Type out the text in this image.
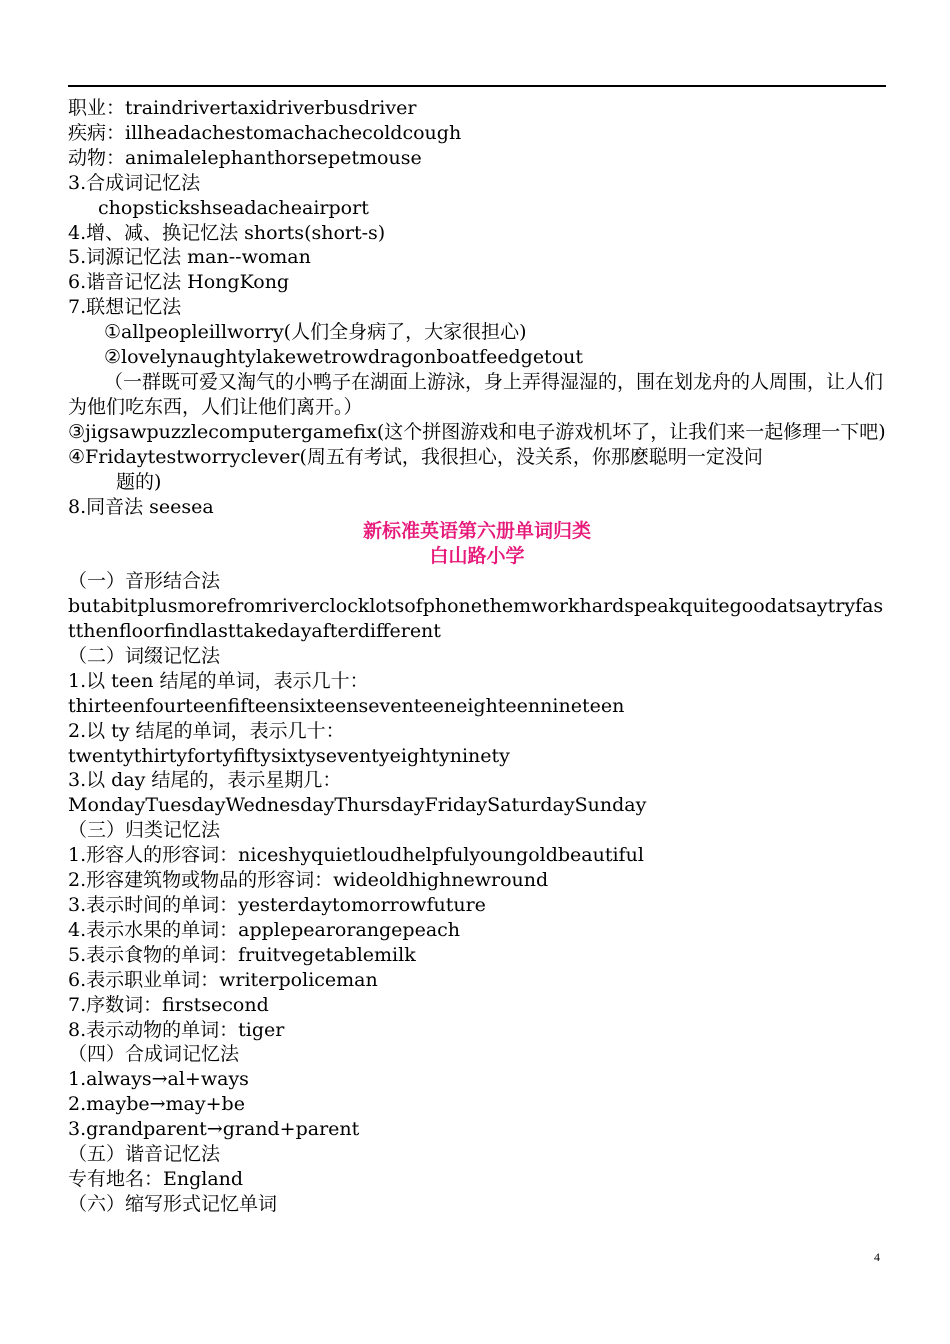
职业：traindrivertaxidriverbusdriver
疾病：illheadachestomachachecoldcough
动物：animalelephanthorsepetmouse
3.合成词记忆法
chopstickshseadacheairport
4.增、减、换记忆法 shorts(short-s)
5.词源记忆法 man--woman
6.谐音记忆法 HongKong
7.联想记忆法
①allpeopleillworry(人们全身病了，大家很担心)
②lovelynaughtylakewetrowdragonboatfeedgetout
（一群既可爱又淘气的小鸭子在湖面上游泳，身上弄得湿湿的，围在划龙舟的人周围，让人们为他们吃东西，人们让他们离开。）
③jigsawpuzzlecomputergamefix(这个拼图游戏和电子游戏机坏了，让我们来一起修理一下吧)
④Fridaytestworryclever(周五有考试，我很担心，没关系，你那麽聪明一定没问
题的)
8.同音法 seesea
新标准英语第六册单词归类
白山路小学
（一）音形结合法
butabitplusmorefromriverclocklotsofphonethemworkhardspeakquitegoodatsaytryfastthenfloorfindlasttakedayafterdifferent
（二）词缀记忆法
1.以 teen 结尾的单词，表示几十：
thirteenfourteenfifteensixteenseventeeneighteennineteen
2.以 ty 结尾的单词，表示几十：
twentythirtyfortyfiftysixtyseventyeightyninety
3.以 day 结尾的，表示星期几：
MondayTuesdayWednesdayThursdayFridaySaturdaySunday
（三）归类记忆法
1.形容人的形容词：niceshyquietloudhelpfulyoungoldbeautiful
2.形容建筑物或物品的形容词：wideoldhighnewround
3.表示时间的单词：yesterdaytomorrowfuture
4.表示水果的单词：applepearorangepeach
5.表示食物的单词：fruitvegetablemilk
6.表示职业单词：writerpoliceman
7.序数词：firstsecond
8.表示动物的单词：tiger
（四）合成词记忆法
1.always→al+ways
2.maybe→may+be
3.grandparent→grand+parent
（五）谐音记忆法
专有地名：England
（六）缩写形式记忆单词
4
